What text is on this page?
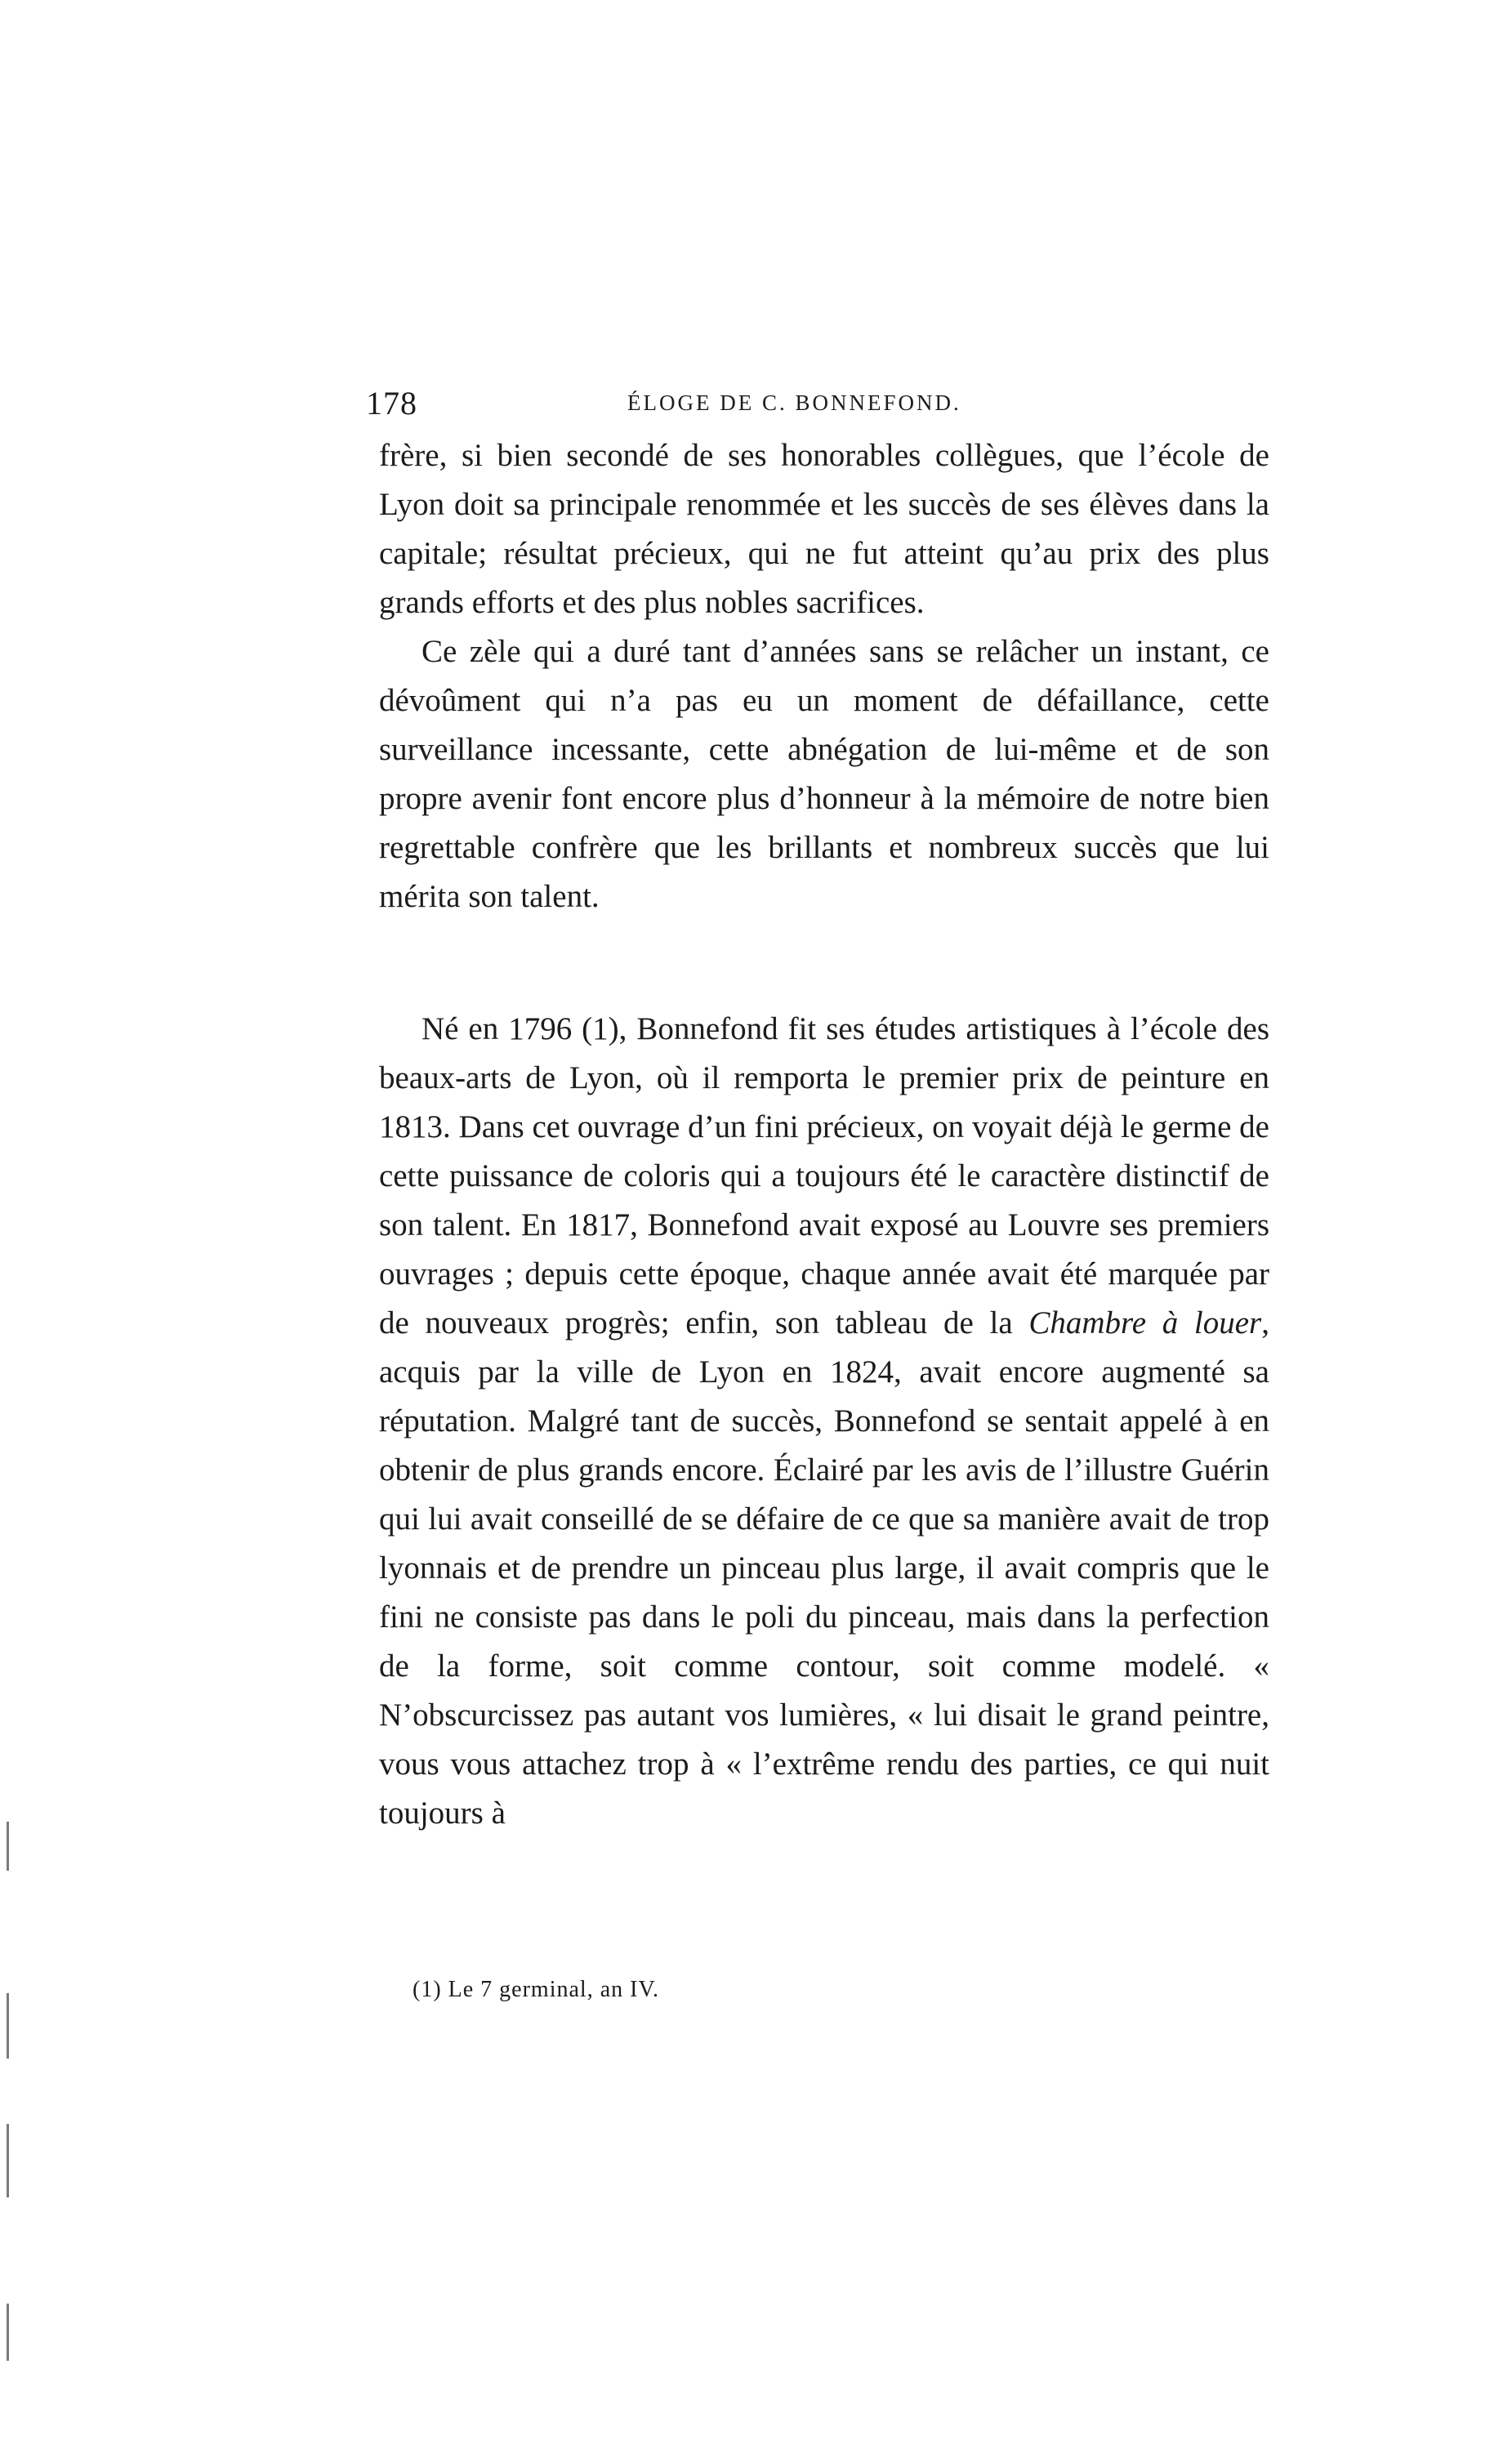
178	ÉLOGE DE C. BONNEFOND.

frère, si bien secondé de ses honorables collègues, que l’école de Lyon doit sa principale renommée et les succès de ses élèves dans la capitale; résultat précieux, qui ne fut atteint qu’au prix des plus grands efforts et des plus nobles sacrifices.

Ce zèle qui a duré tant d’années sans se relâcher un instant, ce dévoûment qui n’a pas eu un moment de défaillance, cette surveillance incessante, cette abnégation de lui-même et de son propre avenir font encore plus d’honneur à la mémoire de notre bien regrettable confrère que les brillants et nombreux succès que lui mérita son talent.

Né en 1796 (1), Bonnefond fit ses études artistiques à l’école des beaux-arts de Lyon, où il remporta le premier prix de peinture en 1813. Dans cet ouvrage d’un fini précieux, on voyait déjà le germe de cette puissance de coloris qui a toujours été le caractère distinctif de son talent. En 1817, Bonnefond avait exposé au Louvre ses premiers ouvrages ; depuis cette époque, chaque année avait été marquée par de nouveaux progrès; enfin, son tableau de la Chambre à louer, acquis par la ville de Lyon en 1824, avait encore augmenté sa réputation. Malgré tant de succès, Bonnefond se sentait appelé à en obtenir de plus grands encore. Éclairé par les avis de l’illustre Guérin qui lui avait conseillé de se défaire de ce que sa manière avait de trop lyonnais et de prendre un pinceau plus large, il avait compris que le fini ne consiste pas dans le poli du pinceau, mais dans la perfection de la forme, soit comme contour, soit comme modelé. « N’obscurcissez pas autant vos lumières, « lui disait le grand peintre, vous vous attachez trop à « l’extrême rendu des parties, ce qui nuit toujours à

(1) Le 7 germinal, an IV.
